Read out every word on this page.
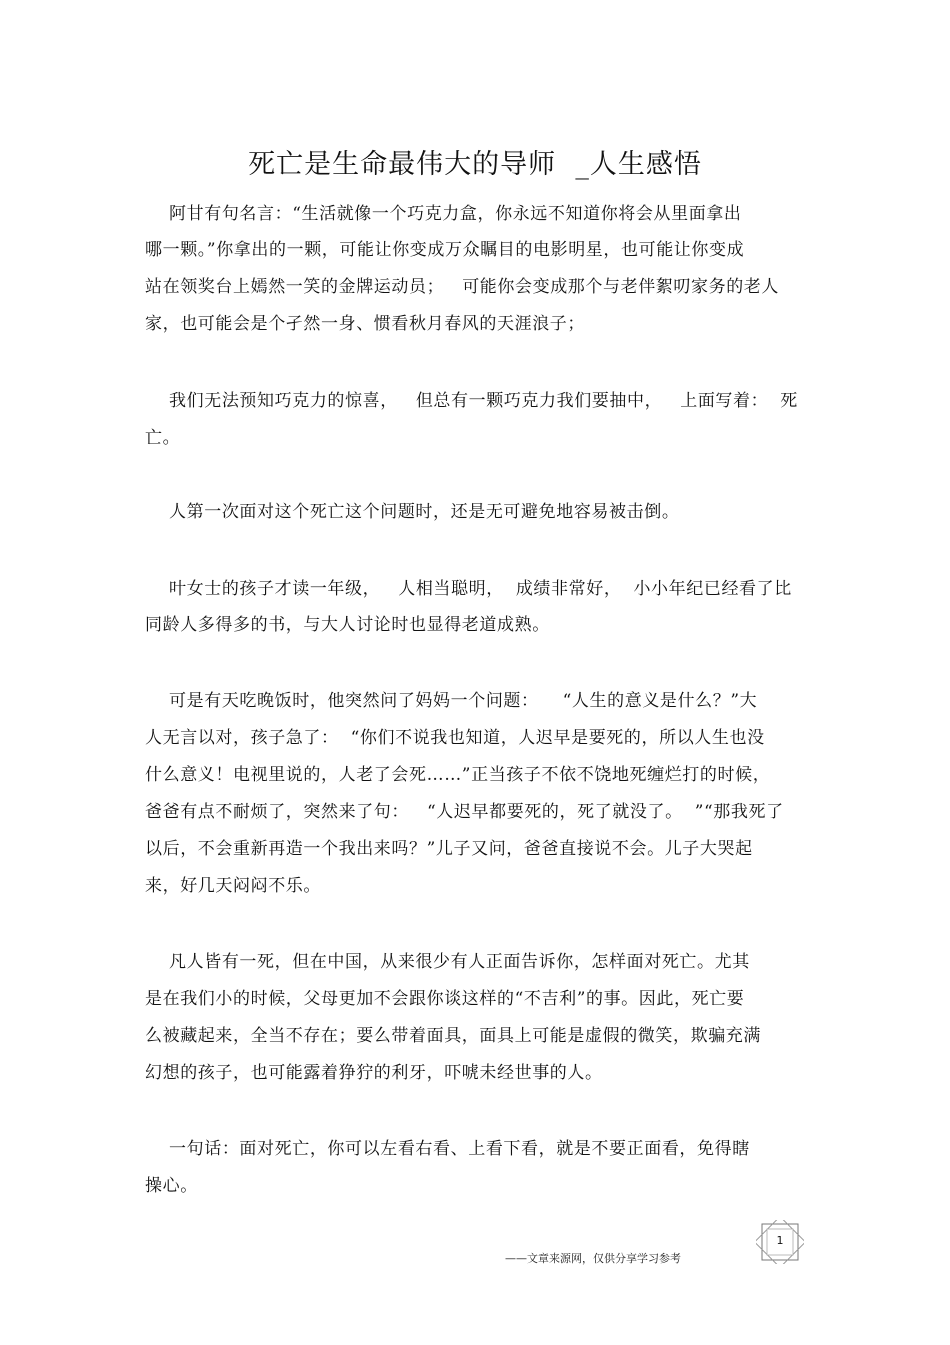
死亡是生命最伟大的导师  _人生感悟
阿甘有句名言：“生活就像一个巧克力盒，你永远不知道你将会从里面拿出
哪一颗。”你拿出的一颗，可能让你变成万众瞩目的电影明星，也可能让你变成
站在领奖台上嫣然一笑的金牌运动员；   可能你会变成那个与老伴絮叨家务的老人
家，也可能会是个孑然一身、惯看秋月春风的天涯浪子；
我们无法预知巧克力的惊喜，   但总有一颗巧克力我们要抽中，   上面写着：  死
亡。
人第一次面对这个死亡这个问题时，还是无可避免地容易被击倒。
叶女士的孩子才读一年级，   人相当聪明，  成绩非常好，  小小年纪已经看了比
同龄人多得多的书，与大人讨论时也显得老道成熟。
可是有天吃晚饭时，他突然问了妈妈一个问题：    “人生的意义是什么？”大
人无言以对，孩子急了：  “你们不说我也知道，人迟早是要死的，所以人生也没
什么意义！电视里说的，人老了会死……”正当孩子不依不饶地死缠烂打的时候，
爸爸有点不耐烦了，突然来了句：   “人迟早都要死的，死了就没了。  ”“那我死了
以后，不会重新再造一个我出来吗？”儿子又问，爸爸直接说不会。儿子大哭起
来，好几天闷闷不乐。
凡人皆有一死，但在中国，从来很少有人正面告诉你，怎样面对死亡。尤其
是在我们小的时候，父母更加不会跟你谈这样的“不吉利”的事。因此，死亡要
么被藏起来，全当不存在；要么带着面具，面具上可能是虚假的微笑，欺骗充满
幻想的孩子，也可能露着狰狞的利牙，吓唬未经世事的人。
一句话：面对死亡，你可以左看右看、上看下看，就是不要正面看，免得瞎
操心。
——文章来源网，仅供分享学习参考
1
